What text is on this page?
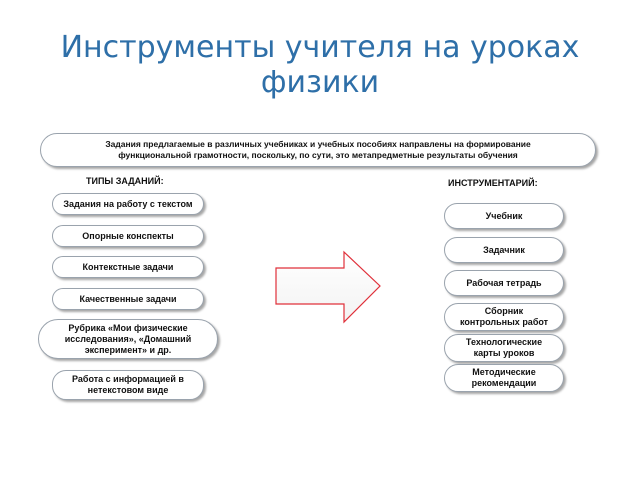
Инструменты учителя на уроках физики
Задания предлагаемые в различных учебниках и учебных пособиях направлены на формирование функциональной грамотности, поскольку, по сути, это метапредметные результаты обучения

ТИПЫ ЗАДАНИЙ:	ИНСТРУМЕНТАРИЙ:

Задания на работу с текстом
Опорные конспекты
Контекстные задачи
Качественные задачи
Рубрика «Мои физические исследования», «Домашний эксперимент» и др.
Работа с информацией в нетекстовом виде
Учебник
Задачник
Рабочая тетрадь
Сборник контрольных работ
Технологические карты уроков
Методические рекомендации
